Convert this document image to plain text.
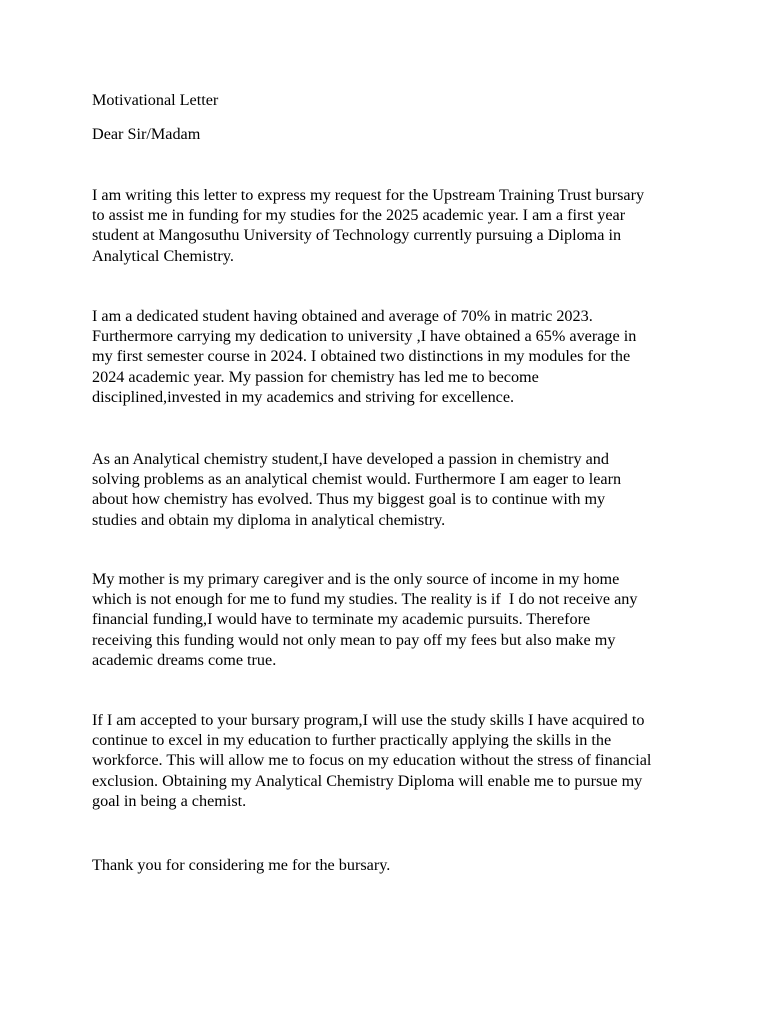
Motivational Letter

Dear Sir/Madam

I am writing this letter to express my request for the Upstream Training Trust bursary
to assist me in funding for my studies for the 2025 academic year. I am a first year
student at Mangosuthu University of Technology currently pursuing a Diploma in
Analytical Chemistry.
I am a dedicated student having obtained and average of 70% in matric 2023.
Furthermore carrying my dedication to university ,I have obtained a 65% average in
my first semester course in 2024. I obtained two distinctions in my modules for the
2024 academic year. My passion for chemistry has led me to become
disciplined,invested in my academics and striving for excellence.
As an Analytical chemistry student,I have developed a passion in chemistry and
solving problems as an analytical chemist would. Furthermore I am eager to learn
about how chemistry has evolved. Thus my biggest goal is to continue with my
studies and obtain my diploma in analytical chemistry.
My mother is my primary caregiver and is the only source of income in my home
which is not enough for me to fund my studies. The reality is if  I do not receive any
financial funding,I would have to terminate my academic pursuits. Therefore
receiving this funding would not only mean to pay off my fees but also make my
academic dreams come true.
If I am accepted to your bursary program,I will use the study skills I have acquired to
continue to excel in my education to further practically applying the skills in the
workforce. This will allow me to focus on my education without the stress of financial
exclusion. Obtaining my Analytical Chemistry Diploma will enable me to pursue my
goal in being a chemist.
Thank you for considering me for the bursary.
